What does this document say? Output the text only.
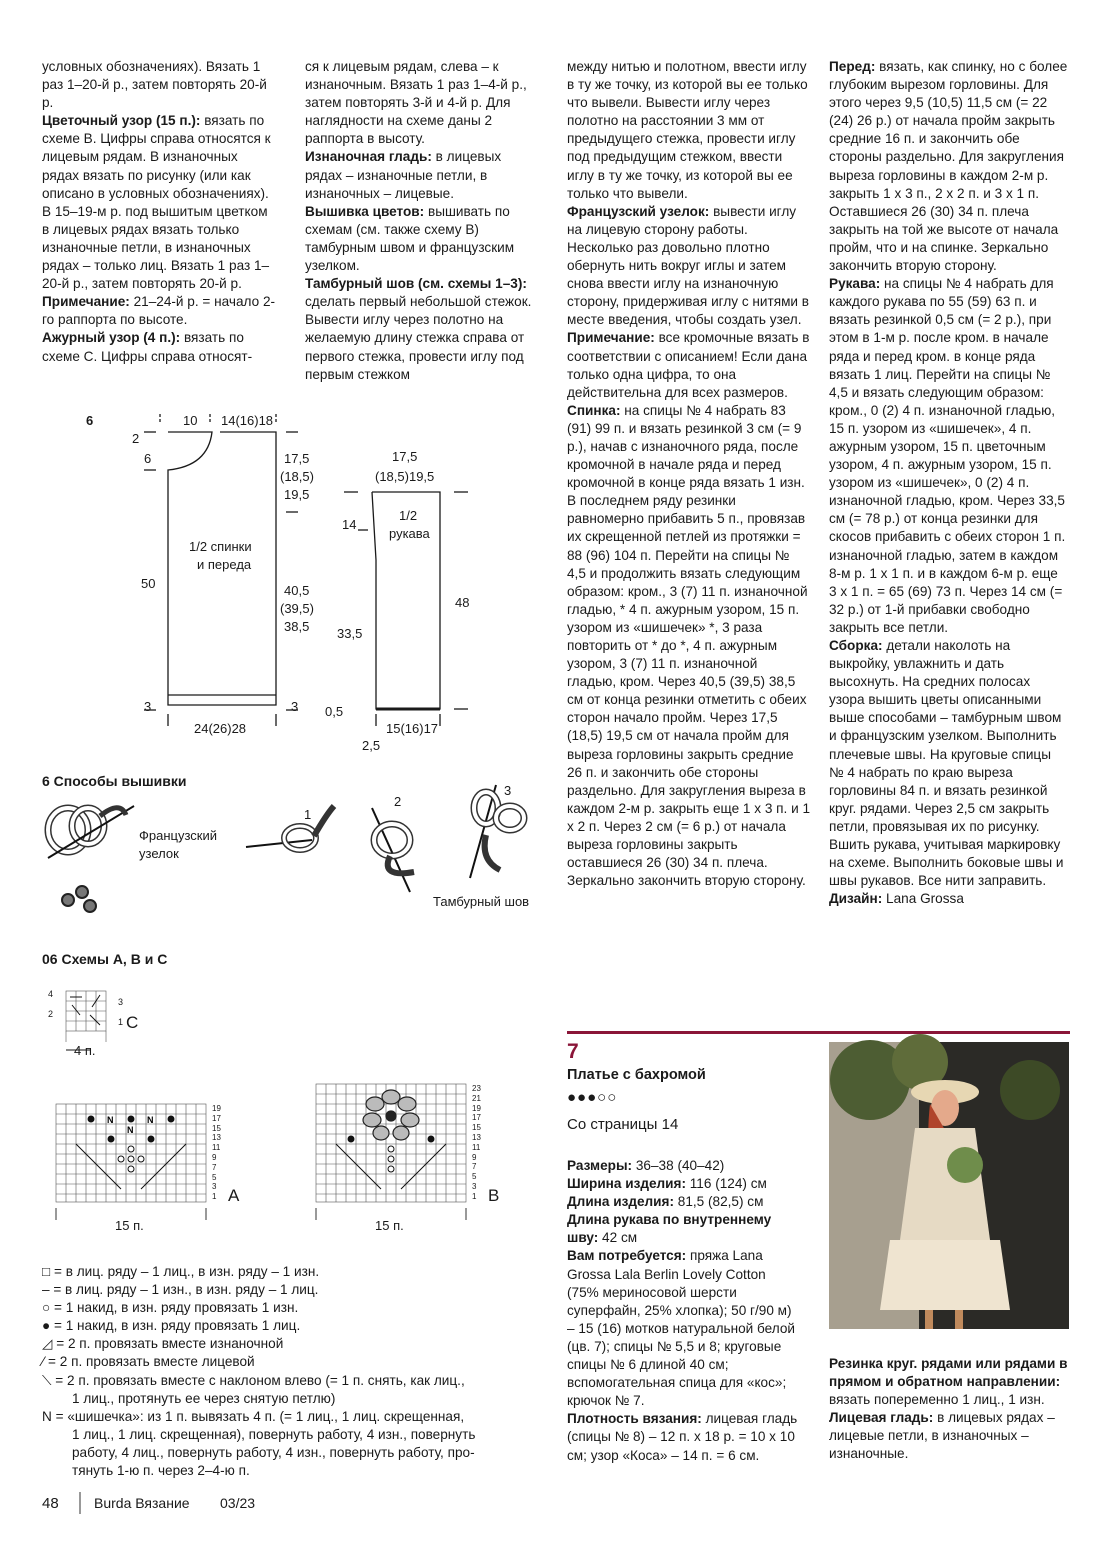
условных обозначениях). Вязать 1 раз 1–20-й р., затем повторять 20-й р.

Цветочный узор (15 п.): вязать по схеме В. Цифры справа относятся к лицевым рядам. В изнаночных рядах вязать по рисунку (или как описано в условных обозначениях). В 15–19-м р. под вышитым цветком в лицевых рядах вязать только изнаночные петли, в изнаночных рядах – только лиц. Вязать 1 раз 1–20-й р., затем повторять 20-й р.

Примечание: 21–24-й р. = начало 2-го раппорта по высоте.

Ажурный узор (4 п.): вязать по схеме С. Цифры справа относят-

ся к лицевым рядам, слева – к изнаночным. Вязать 1 раз 1–4-й р., затем повторять 3-й и 4-й р. Для наглядности на схеме даны 2 раппорта в высоту.

Изнаночная гладь: в лицевых рядах – изнаночные петли, в изнаночных – лицевые.

Вышивка цветов: вышивать по схемам (см. также схему В) тамбурным швом и французским узелком.

Тамбурный шов (см. схемы 1–3): сделать первый небольшой стежок. Вывести иглу через полотно на желаемую длину стежка справа от первого стежка, провести иглу под первым стежком

между нитью и полотном, ввести иглу в ту же точку, из которой вы ее только что вывели. Вывести иглу через полотно на расстоянии 3 мм от предыдущего стежка, провести иглу под предыдущим стежком, ввести иглу в ту же точку, из которой вы ее только что вывели.

Французский узелок: вывести иглу на лицевую сторону работы. Несколько раз довольно плотно обернуть нить вокруг иглы и затем снова ввести иглу на изнаночную сторону, придерживая иглу с нитями в месте введения, чтобы создать узел.

Примечание: все кромочные вязать в соответствии с описанием! Если дана только одна цифра, то она действительна для всех размеров.

Спинка: на спицы № 4 набрать 83 (91) 99 п. и вязать резинкой 3 см (= 9 р.), начав с изнаночного ряда, после кромочной в начале ряда и перед кромочной в конце ряда вязать 1 изн. В последнем ряду резинки равномерно прибавить 5 п., провязав их скрещенной петлей из протяжки = 88 (96) 104 п. Перейти на спицы № 4,5 и продолжить вязать следующим образом: кром., 3 (7) 11 п. изнаночной гладью, * 4 п. ажурным узором, 15 п. узором из «шишечек» *, 3 раза повторить от * до *, 4 п. ажурным узором, 3 (7) 11 п. изнаночной гладью, кром. Через 40,5 (39,5) 38,5 см от конца резинки отметить с обеих сторон начало пройм. Через 17,5 (18,5) 19,5 см от начала пройм для выреза горловины закрыть средние 26 п. и закончить обе стороны раздельно. Для закругления выреза в каждом 2-м р. закрыть еще 1 x 3 п. и 1 x 2 п. Через 2 см (= 6 р.) от начала выреза горловины закрыть оставшиеся 26 (30) 34 п. плеча. Зеркально закончить вторую сторону.

Перед: вязать, как спинку, но с более глубоким вырезом горловины. Для этого через 9,5 (10,5) 11,5 см (= 22 (24) 26 р.) от начала пройм закрыть средние 16 п. и закончить обе стороны раздельно. Для закругления выреза горловины в каждом 2-м р. закрыть 1 x 3 п., 2 x 2 п. и 3 x 1 п. Оставшиеся 26 (30) 34 п. плеча закрыть на той же высоте от начала пройм, что и на спинке. Зеркально закончить вторую сторону.

Рукава: на спицы № 4 набрать для каждого рукава по 55 (59) 63 п. и вязать резинкой 0,5 см (= 2 р.), при этом в 1-м р. после кром. в начале ряда и перед кром. в конце ряда вязать 1 лиц. Перейти на спицы № 4,5 и вязать следующим образом: кром., 0 (2) 4 п. изнаночной гладью, 15 п. узором из «шишечек», 4 п. ажурным узором, 15 п. цветочным узором, 4 п. ажурным узором, 15 п. узором из «шишечек», 0 (2) 4 п. изнаночной гладью, кром. Через 33,5 см (= 78 р.) от конца резинки для скосов прибавить с обеих сторон 1 п. изнаночной гладью, затем в каждом 8-м р. 1 x 1 п. и в каждом 6-м р. еще 3 x 1 п. = 65 (69) 73 п. Через 14 см (= 32 р.) от 1-й прибавки свободно закрыть все петли.

Сборка: детали наколоть на выкройку, увлажнить и дать высохнуть. На средних полосах узора вышить цветы описанными выше способами – тамбурным швом и французским узелком. Выполнить плечевые швы. На круговые спицы № 4 набрать по краю выреза горловины 84 п. и вязать резинкой круг. рядами. Через 2,5 см закрыть петли, провязывая их по рисунку. Вшить рукава, учитывая маркировку на схеме. Выполнить боковые швы и швы рукавов. Все нити заправить.

Дизайн: Lana Grossa

N	N
N
6	10 14(16)18
2
6	17,5
(18,5)
19,5
1/2 спинки
и переда
50	40,5
(39,5)
38,5
3	3
24(26)28
17,5
(18,5)19,5
1/2
рукава
14
48
33,5
0,5
15(16)17
2,5
6 Способы вышивки
Французский
узелок
1
2
3
Тамбурный шов
06 Схемы А, В и С
4
2
3
1 C
4 п.
19
17
15
13
11
9
7
5
3
1 A
15 п.
23
21
19
17
15
13
11
9
7
5
3
1 B
15 п.
□ = в лиц. ряду – 1 лиц., в изн. ряду – 1 изн.
– = в лиц. ряду – 1 изн., в изн. ряду – 1 лиц.
○ = 1 накид, в изн. ряду провязать 1 изн.
● = 1 накид, в изн. ряду провязать 1 лиц.
◿ = 2 п. провязать вместе изнаночной
⁄ = 2 п. провязать вместе лицевой
⟍ = 2 п. провязать вместе с наклоном влево (= 1 п. снять, как лиц.,
1 лиц., протянуть ее через снятую петлю)
N = «шишечка»: из 1 п. вывязать 4 п. (= 1 лиц., 1 лиц. скрещенная,
1 лиц., 1 лиц. скрещенная), повернуть работу, 4 изн., повернуть
работу, 4 лиц., повернуть работу, 4 изн., повернуть работу, про-
тянуть 1-ю п. через 2–4-ю п.
7
Платье с бахромой
●●●○○
Со страницы 14

Размеры: 36–38 (40–42)

Ширина изделия: 116 (124) см

Длина изделия: 81,5 (82,5) см

Длина рукава по внутреннему шву: 42 см

Вам потребуется: пряжа Lana Grossa Lala Berlin Lovely Cotton (75% мериносовой шерсти суперфайн, 25% хлопка); 50 г/90 м) – 15 (16) мотков натуральной белой (цв. 7); спицы № 5,5 и 8; круговые спицы № 6 длиной 40 см; вспомогательная спица для «кос»; крючок № 7.

Плотность вязания: лицевая гладь (спицы № 8) – 12 п. x 18 р. = 10 x 10 см; узор «Коса» – 14 п. = 6 см.

Резинка круг. рядами или рядами в прямом и обратном направлении: вязать попеременно 1 лиц., 1 изн.

Лицевая гладь: в лицевых рядах – лицевые петли, в изнаночных – изнаночные.

48	Burda Вязание 03/23
